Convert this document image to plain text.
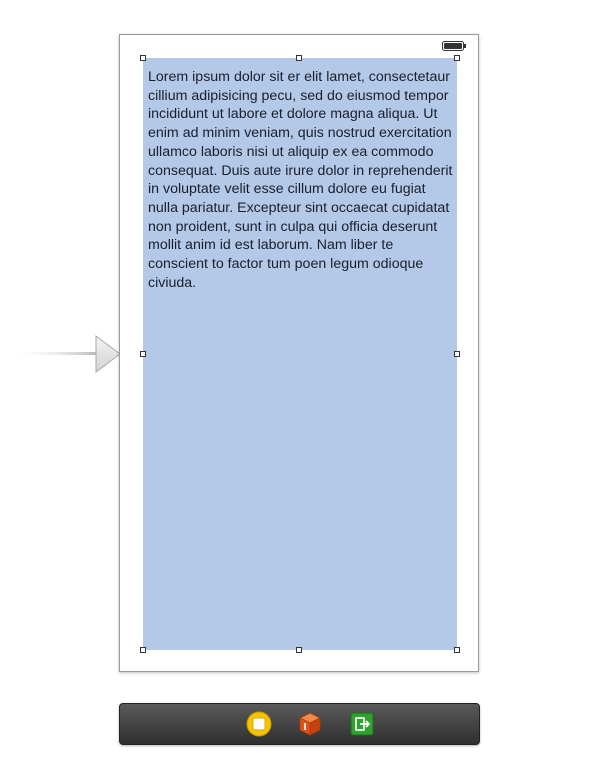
Lorem ipsum dolor sit er elit lamet, consectetaur cillium adipisicing pecu, sed do eiusmod tempor incididunt ut labore et dolore magna aliqua. Ut enim ad minim veniam, quis nostrud exercitation ullamco laboris nisi ut aliquip ex ea commodo consequat. Duis aute irure dolor in reprehenderit in voluptate velit esse cillum dolore eu fugiat nulla pariatur. Excepteur sint occaecat cupidatat non proident, sunt in culpa qui officia deserunt mollit anim id est laborum. Nam liber te conscient to factor tum poen legum odioque civiuda.
